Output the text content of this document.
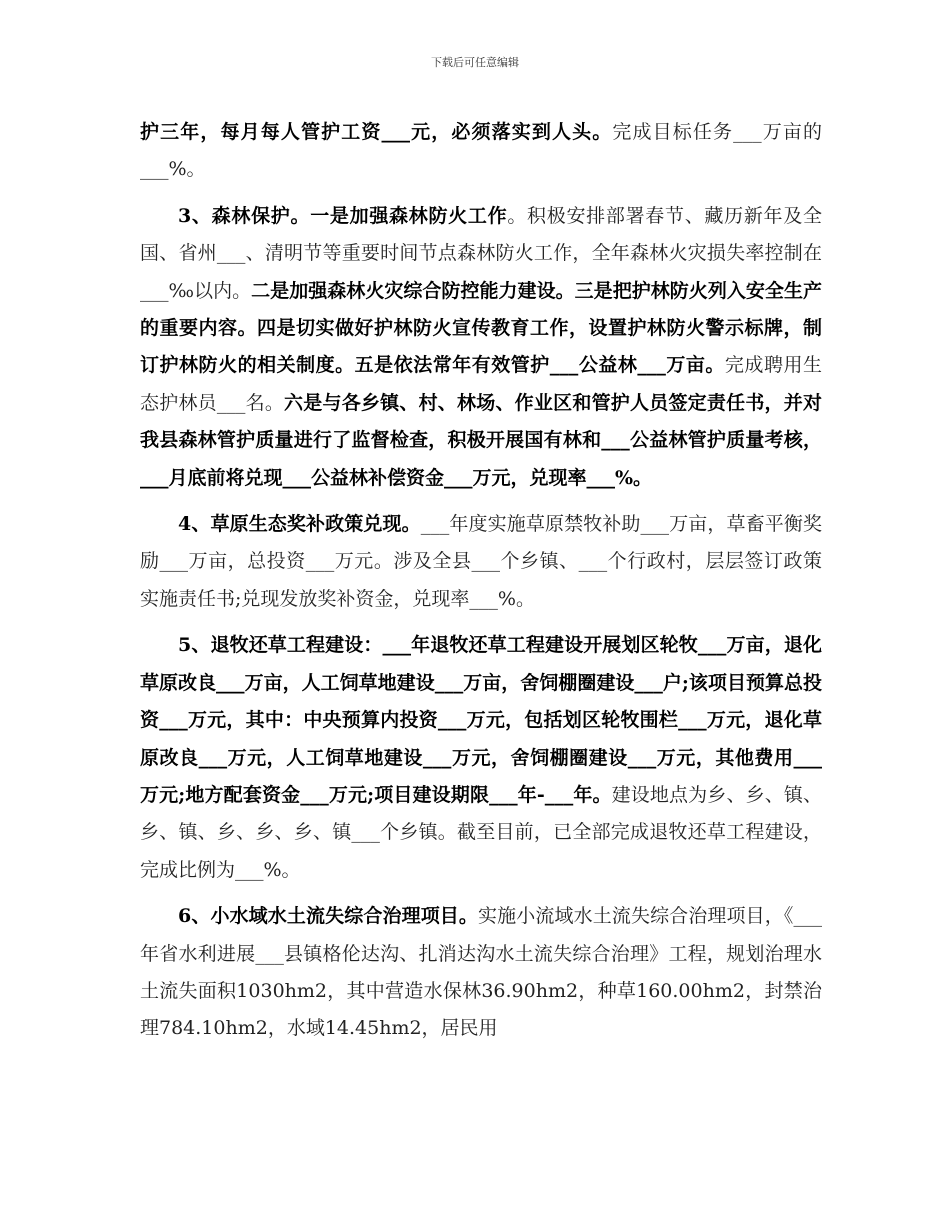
下载后可任意编辑

护三年，每月每人管护工资___元，必须落实到人头。完成目标任务___万亩的___%。

3、森林保护。一是加强森林防火工作。积极安排部署春节、藏历新年及全国、省州___、清明节等重要时间节点森林防火工作，全年森林火灾损失率控制在___‰以内。二是加强森林火灾综合防控能力建设。三是把护林防火列入安全生产的重要内容。四是切实做好护林防火宣传教育工作，设置护林防火警示标牌，制订护林防火的相关制度。五是依法常年有效管护___公益林___万亩。完成聘用生态护林员___名。六是与各乡镇、村、林场、作业区和管护人员签定责任书，并对我县森林管护质量进行了监督检查，积极开展国有林和___公益林管护质量考核，___月底前将兑现___公益林补偿资金___万元，兑现率___%。

4、草原生态奖补政策兑现。___年度实施草原禁牧补助___万亩，草畜平衡奖励___万亩，总投资___万元。涉及全县___个乡镇、___个行政村，层层签订政策实施责任书;兑现发放奖补资金，兑现率___%。

5、退牧还草工程建设：___年退牧还草工程建设开展划区轮牧___万亩，退化草原改良___万亩，人工饲草地建设___万亩，舍饲棚圈建设___户;该项目预算总投资___万元，其中：中央预算内投资___万元，包括划区轮牧围栏___万元，退化草原改良___万元，人工饲草地建设___万元，舍饲棚圈建设___万元，其他费用___万元;地方配套资金___万元;项目建设期限___年-___年。建设地点为乡、乡、镇、乡、镇、乡、乡、乡、镇___个乡镇。截至目前，已全部完成退牧还草工程建设，完成比例为___%。

6、小水域水土流失综合治理项目。实施小流域水土流失综合治理项目，《___年省水利进展___县镇格伦达沟、扎消达沟水土流失综合治理》工程，规划治理水土流失面积1030hm2，其中营造水保林36.90hm2，种草160.00hm2，封禁治理784.10hm2，水域14.45hm2，居民用
